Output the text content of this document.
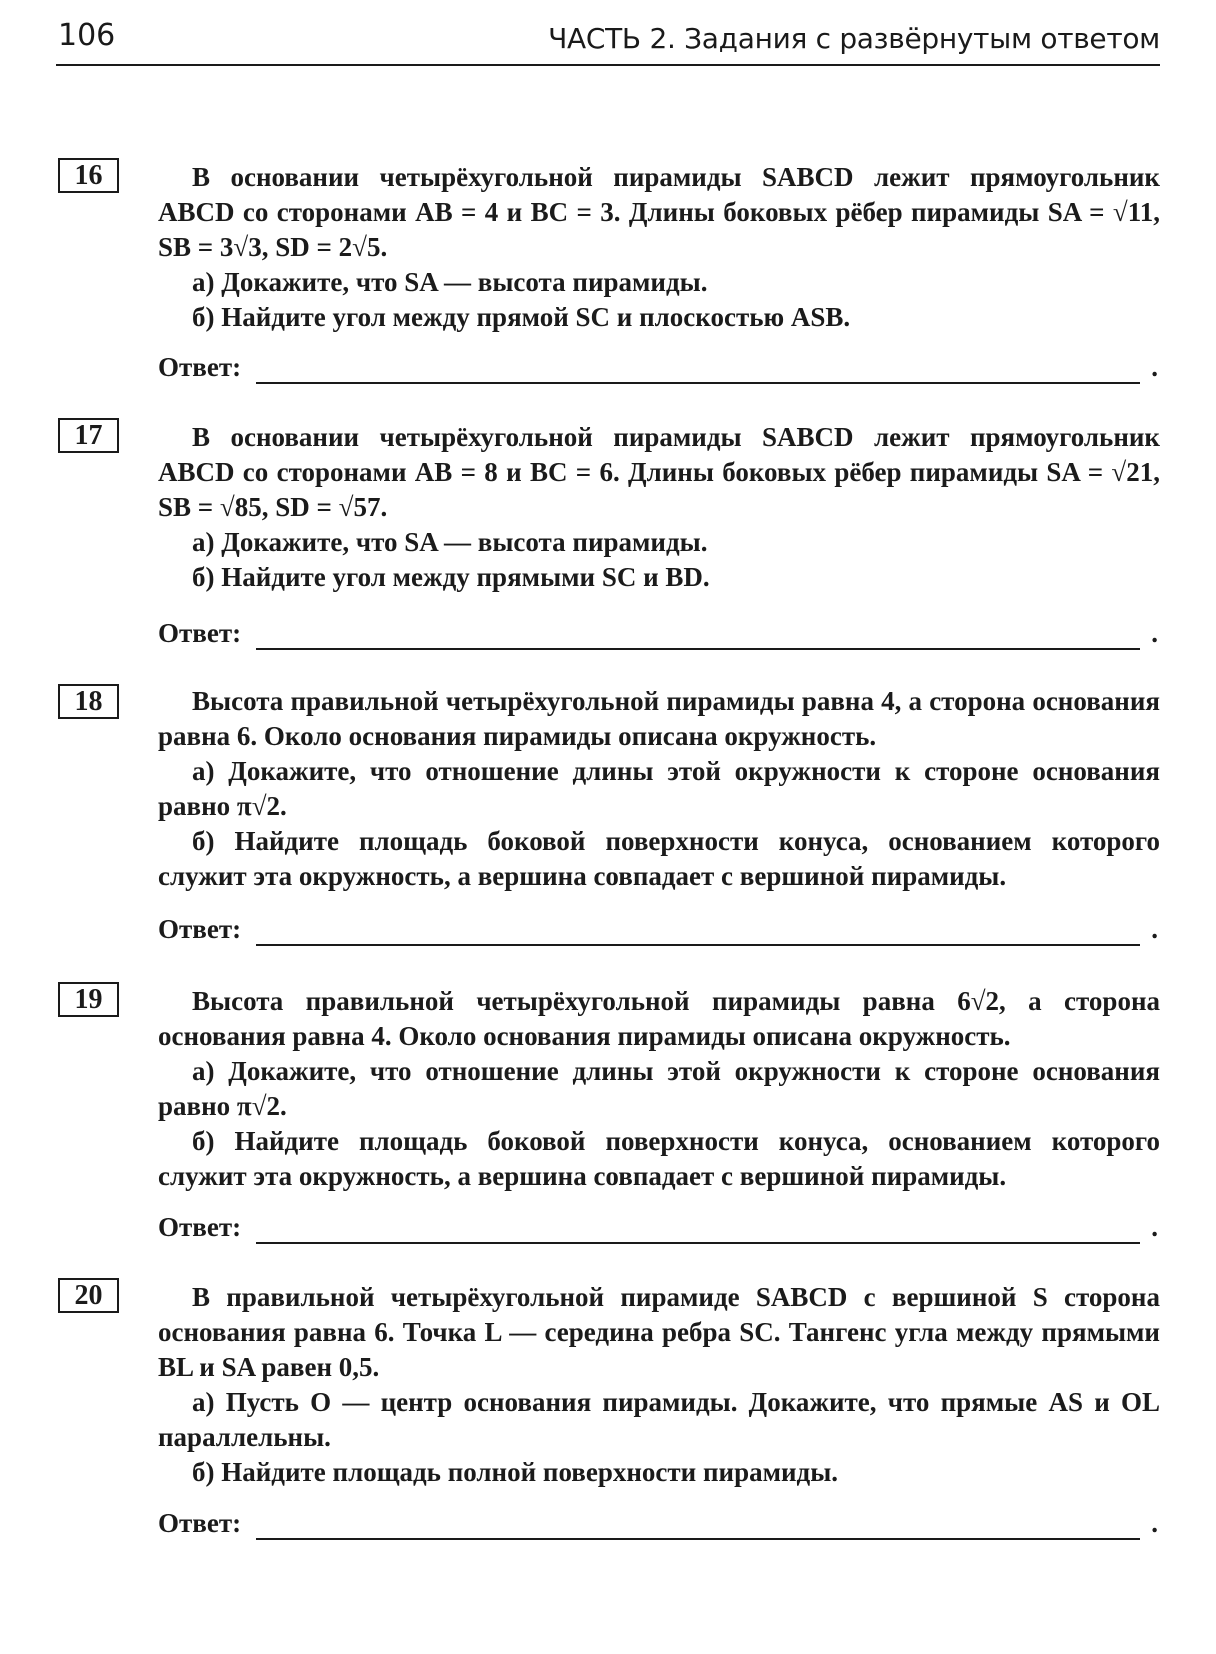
106	ЧАСТЬ 2. Задания с развёрнутым ответом
16	В основании четырёхугольной пирамиды SABCD лежит прямоугольник ABCD со сторонами AB = 4 и BC = 3. Длины боковых рёбер пирамиды SA = √11, SB = 3√3, SD = 2√5.

а) Докажите, что SA — высота пирамиды.

б) Найдите угол между прямой SC и плоскостью ASB.

Ответ:	.
17	В основании четырёхугольной пирамиды SABCD лежит прямоугольник ABCD со сторонами AB = 8 и BC = 6. Длины боковых рёбер пирамиды SA = √21, SB = √85, SD = √57.

а) Докажите, что SA — высота пирамиды.

б) Найдите угол между прямыми SC и BD.

Ответ:	.
18	Высота правильной четырёхугольной пирамиды равна 4, а сторона основания равна 6. Около основания пирамиды описана окружность.

а) Докажите, что отношение длины этой окружности к стороне основания равно π√2.

б) Найдите площадь боковой поверхности конуса, основанием которого служит эта окружность, а вершина совпадает с вершиной пирамиды.

Ответ:	.
19	Высота правильной четырёхугольной пирамиды равна 6√2, а сторона основания равна 4. Около основания пирамиды описана окружность.

а) Докажите, что отношение длины этой окружности к стороне основания равно π√2.

б) Найдите площадь боковой поверхности конуса, основанием которого служит эта окружность, а вершина совпадает с вершиной пирамиды.

Ответ:	.
20	В правильной четырёхугольной пирамиде SABCD с вершиной S сторона основания равна 6. Точка L — середина ребра SC. Тангенс угла между прямыми BL и SA равен 0,5.

а) Пусть O — центр основания пирамиды. Докажите, что прямые AS и OL параллельны.

б) Найдите площадь полной поверхности пирамиды.

Ответ:	.
